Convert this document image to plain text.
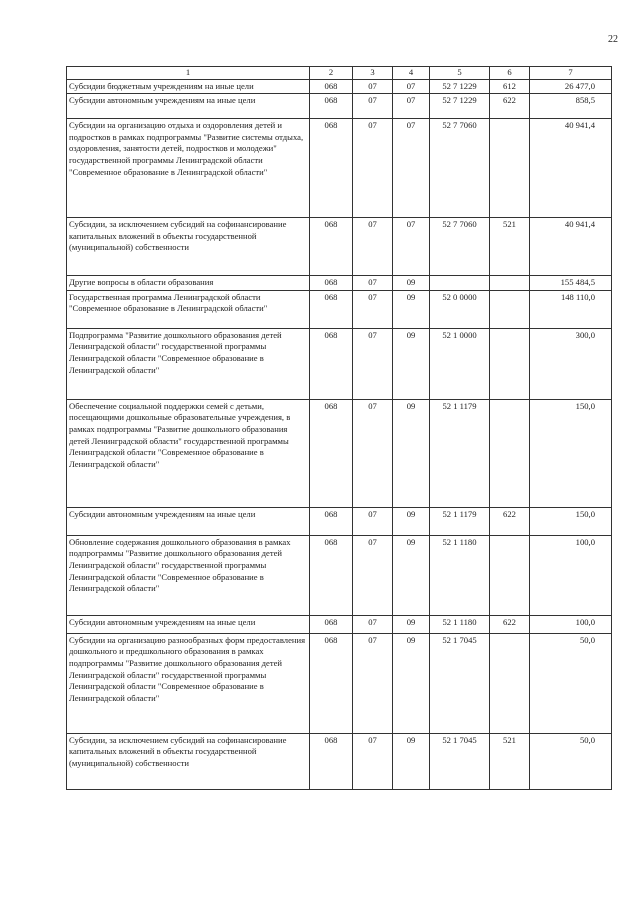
22
1	2	3	4	5	6	7
Субсидии бюджетным учреждениям на иные цели	068	07	07	52 7 1229	612	26 477,0
Субсидии автономным учреждениям на иные цели	068	07	07	52 7 1229	622	858,5
Субсидии на организацию отдыха и оздоровления детей и подростков в рамках подпрограммы "Развитие системы отдыха, оздоровления, занятости детей, подростков и молодежи" государственной программы Ленинградской области "Современное образование в Ленинградской области"	068	07	07	52 7 7060		40 941,4
Субсидии, за исключением субсидий на софинансирование капитальных вложений в объекты государственной (муниципальной) собственности	068	07	07	52 7 7060	521	40 941,4
Другие вопросы в области образования	068	07	09			155 484,5
Государственная программа Ленинградской области "Современное образование в Ленинградской области"	068	07	09	52 0 0000		148 110,0
Подпрограмма "Развитие дошкольного образования детей Ленинградской области" государственной программы Ленинградской области "Современное образование в Ленинградской области"	068	07	09	52 1 0000		300,0
Обеспечение социальной поддержки семей с детьми, посещающими дошкольные образовательные учреждения, в рамках подпрограммы "Развитие дошкольного образования детей Ленинградской области" государственной программы Ленинградской области "Современное образование в Ленинградской области"	068	07	09	52 1 1179		150,0
Субсидии автономным учреждениям на иные цели	068	07	09	52 1 1179	622	150,0
Обновление содержания дошкольного образования в рамках подпрограммы "Развитие дошкольного образования детей Ленинградской области" государственной программы Ленинградской области "Современное образование в Ленинградской области"	068	07	09	52 1 1180		100,0
Субсидии автономным учреждениям на иные цели	068	07	09	52 1 1180	622	100,0
Субсидии на организацию разнообразных форм предоставления дошкольного и предшкольного образования в рамках подпрограммы "Развитие дошкольного образования детей Ленинградской области" государственной программы Ленинградской области "Современное образование в Ленинградской области"	068	07	09	52 1 7045		50,0
Субсидии, за исключением субсидий на софинансирование капитальных вложений в объекты государственной (муниципальной) собственности	068	07	09	52 1 7045	521	50,0
